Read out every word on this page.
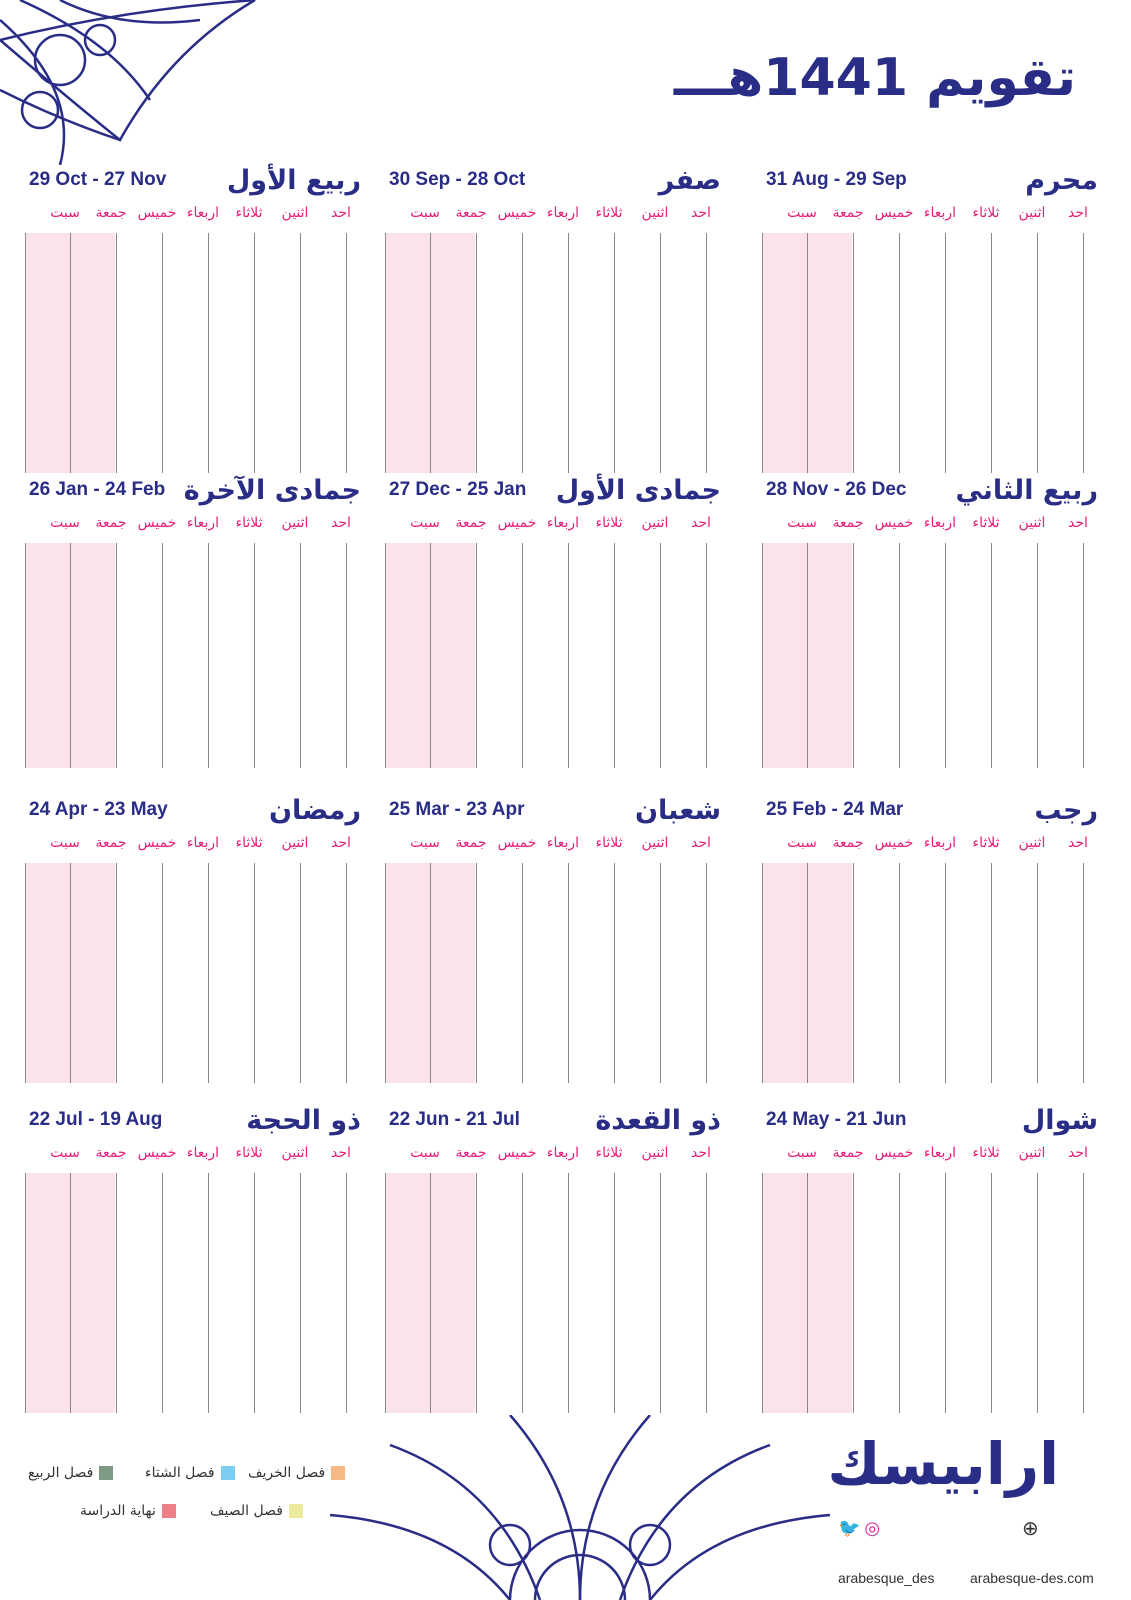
تقويم 1441هـــ
محرم
31 Aug - 29 Sep
احد
اثنين
ثلاثاء
اربعاء
خميس
جمعة
سبت
صفر
30 Sep - 28 Oct
احد
اثنين
ثلاثاء
اربعاء
خميس
جمعة
سبت
ربيع الأول
29 Oct - 27 Nov
احد
اثنين
ثلاثاء
اربعاء
خميس
جمعة
سبت
ربيع الثاني
28 Nov - 26 Dec
احد
اثنين
ثلاثاء
اربعاء
خميس
جمعة
سبت
جمادى الأول
27 Dec - 25 Jan
احد
اثنين
ثلاثاء
اربعاء
خميس
جمعة
سبت
جمادى الآخرة
26 Jan - 24 Feb
احد
اثنين
ثلاثاء
اربعاء
خميس
جمعة
سبت
رجب
25 Feb - 24 Mar
احد
اثنين
ثلاثاء
اربعاء
خميس
جمعة
سبت
شعبان
25 Mar - 23 Apr
احد
اثنين
ثلاثاء
اربعاء
خميس
جمعة
سبت
رمضان
24 Apr - 23 May
احد
اثنين
ثلاثاء
اربعاء
خميس
جمعة
سبت
شوال
24 May - 21 Jun
احد
اثنين
ثلاثاء
اربعاء
خميس
جمعة
سبت
ذو القعدة
22 Jun - 21 Jul
احد
اثنين
ثلاثاء
اربعاء
خميس
جمعة
سبت
ذو الحجة
22 Jul - 19 Aug
احد
اثنين
ثلاثاء
اربعاء
خميس
جمعة
سبت
فصل الخريف
فصل الشتاء
فصل الربيع
فصل الصيف
نهاية الدراسة
ارابيسك
🐦 ◎
arabesque_des
⊕
arabesque-des.com
